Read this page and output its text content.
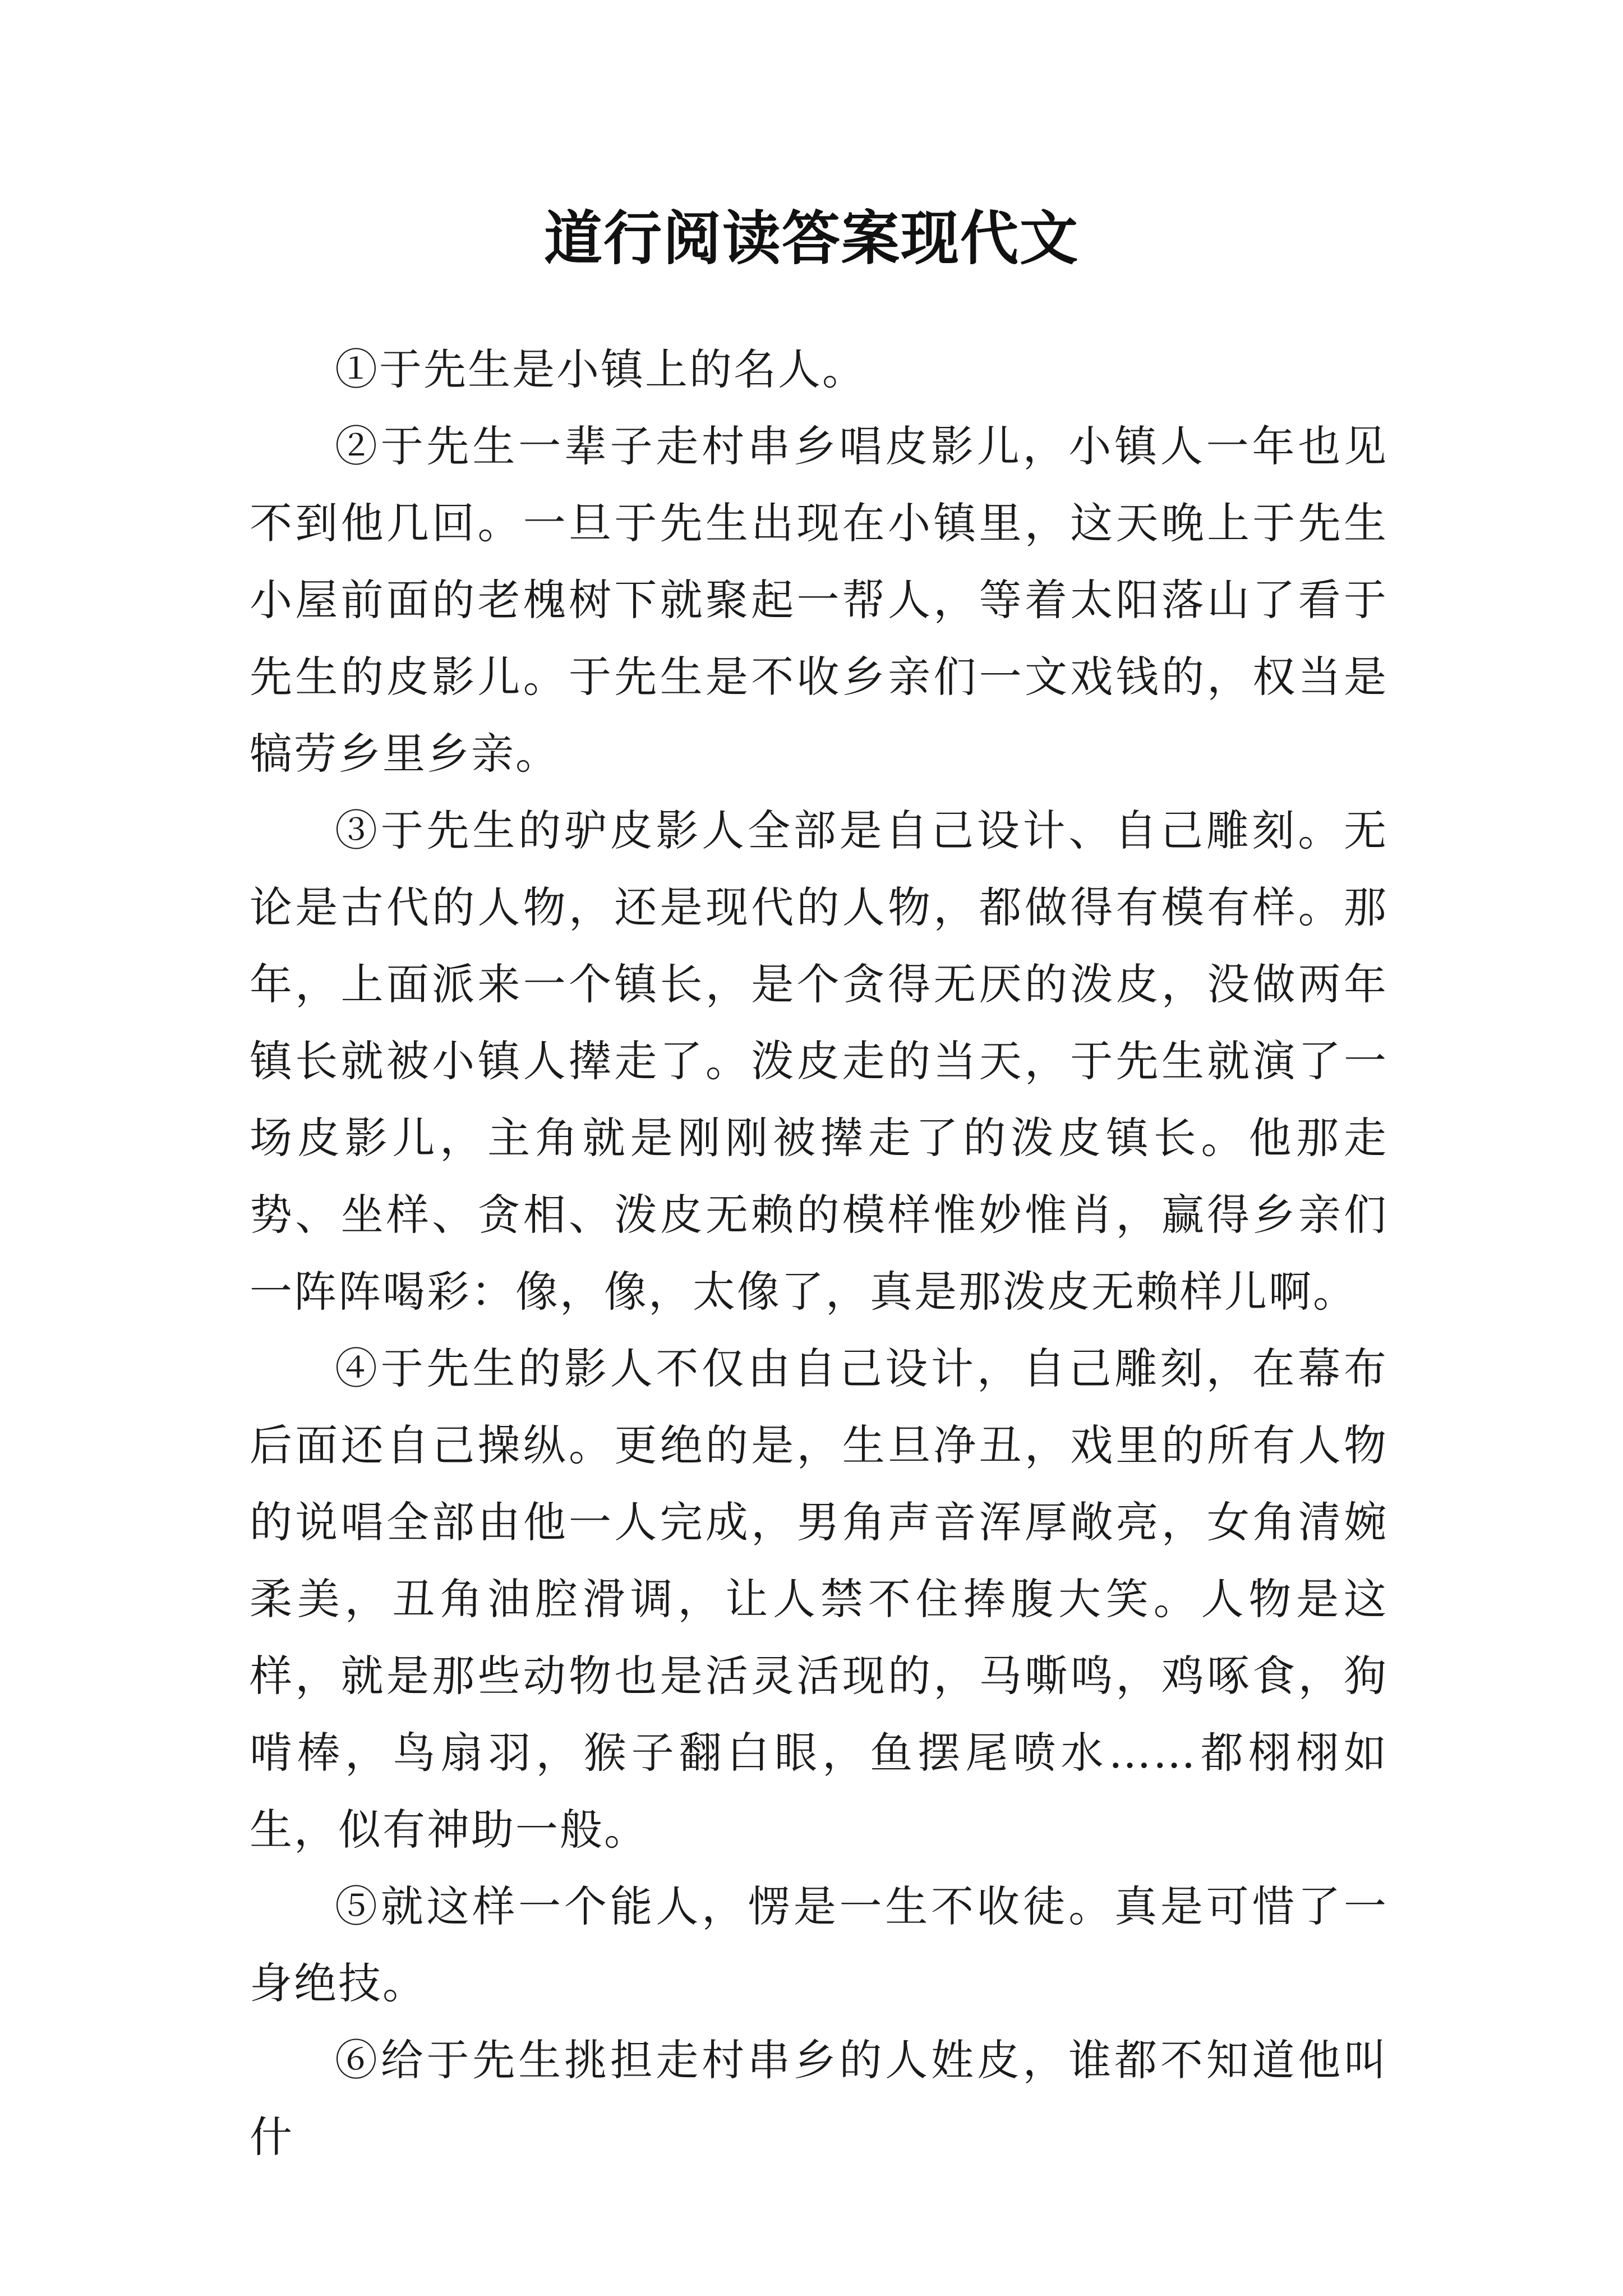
道行阅读答案现代文

①于先生是小镇上的名人。

②于先生一辈子走村串乡唱皮影儿，小镇人一年也见不到他几回。一旦于先生出现在小镇里，这天晚上于先生小屋前面的老槐树下就聚起一帮人，等着太阳落山了看于先生的皮影儿。于先生是不收乡亲们一文戏钱的，权当是犒劳乡里乡亲。

③于先生的驴皮影人全部是自己设计、自己雕刻。无论是古代的人物，还是现代的人物，都做得有模有样。那年，上面派来一个镇长，是个贪得无厌的泼皮，没做两年镇长就被小镇人撵走了。泼皮走的当天，于先生就演了一场皮影儿，主角就是刚刚被撵走了的泼皮镇长。他那走势、坐样、贪相、泼皮无赖的模样惟妙惟肖，赢得乡亲们一阵阵喝彩：像，像，太像了，真是那泼皮无赖样儿啊。

④于先生的影人不仅由自己设计，自己雕刻，在幕布后面还自己操纵。更绝的是，生旦净丑，戏里的所有人物的说唱全部由他一人完成，男角声音浑厚敞亮，女角清婉柔美，丑角油腔滑调，让人禁不住捧腹大笑。人物是这样，就是那些动物也是活灵活现的，马嘶鸣，鸡啄食，狗啃棒，鸟扇羽，猴子翻白眼，鱼摆尾喷水……都栩栩如生，似有神助一般。

⑤就这样一个能人，愣是一生不收徒。真是可惜了一身绝技。

⑥给于先生挑担走村串乡的人姓皮，谁都不知道他叫什
